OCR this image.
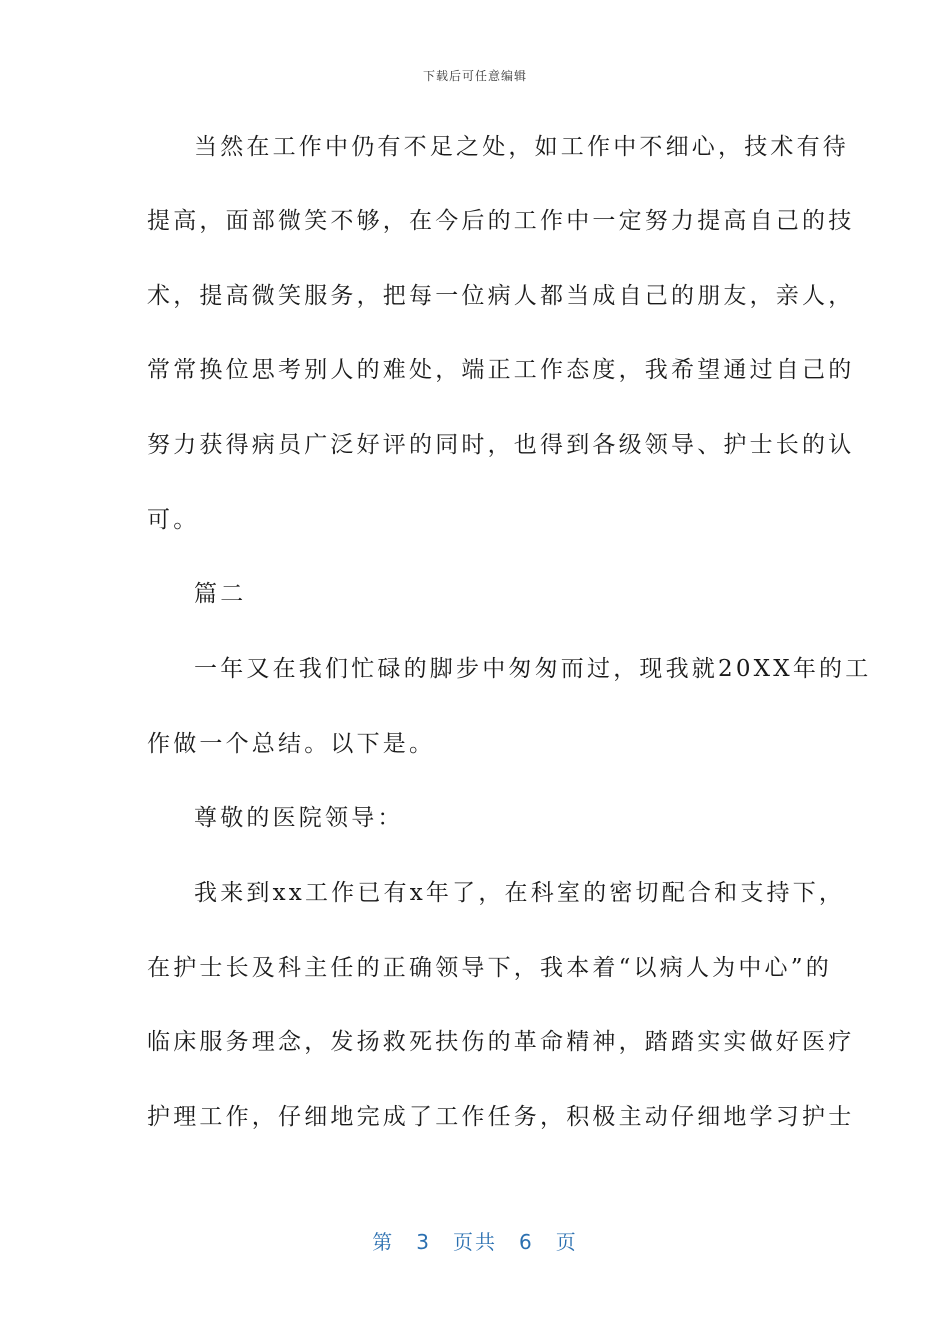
下载后可任意编辑
当然在工作中仍有不足之处，如工作中不细心，技术有待
提高，面部微笑不够，在今后的工作中一定努力提高自己的技
术，提高微笑服务，把每一位病人都当成自己的朋友，亲人，
常常换位思考别人的难处，端正工作态度，我希望通过自己的
努力获得病员广泛好评的同时，也得到各级领导、护士长的认
可。
篇二
一年又在我们忙碌的脚步中匆匆而过，现我就20XX年的工
作做一个总结。以下是。
尊敬的医院领导：
我来到xx工作已有x年了，在科室的密切配合和支持下，
在护士长及科主任的正确领导下，我本着“以病人为中心”的
临床服务理念，发扬救死扶伤的革命精神，踏踏实实做好医疗
护理工作，仔细地完成了工作任务，积极主动仔细地学习护士
第 3 页共 6 页
